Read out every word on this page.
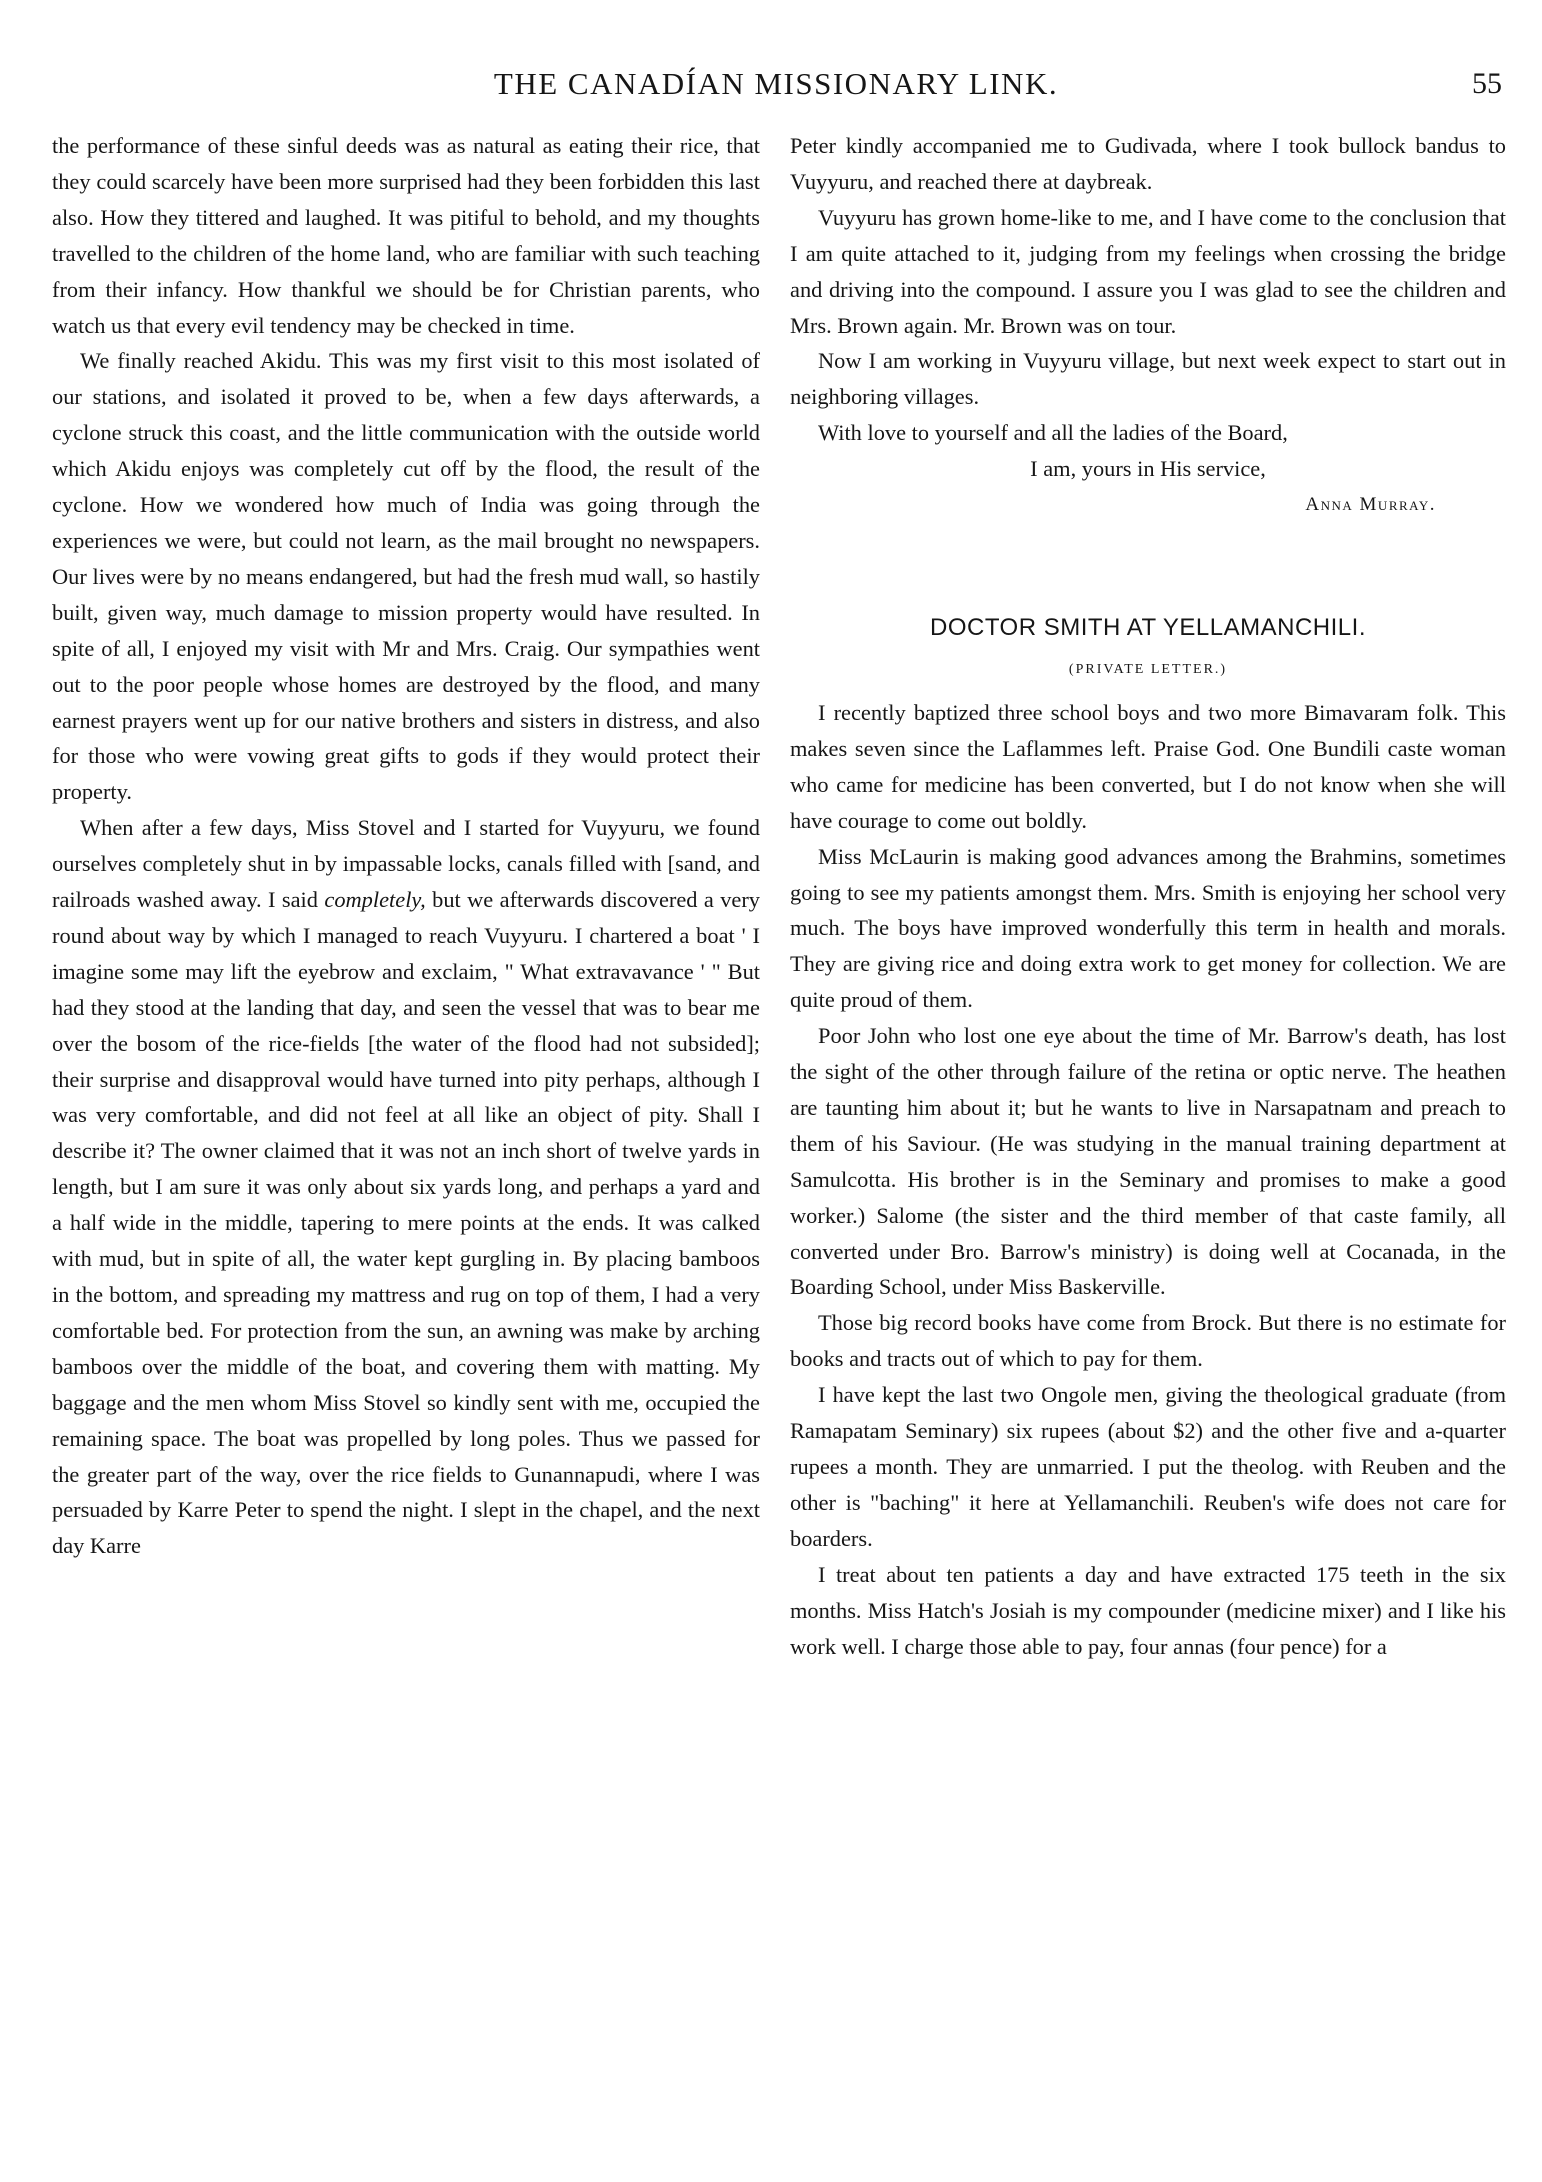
THE CANADÍAN MISSIONARY LINK.	55

the performance of these sinful deeds was as natural as eating their rice, that they could scarcely have been more surprised had they been forbidden this last also. How they tittered and laughed. It was pitiful to behold, and my thoughts travelled to the children of the home land, who are familiar with such teaching from their infancy. How thankful we should be for Christian parents, who watch us that every evil tendency may be checked in time.

We finally reached Akidu. This was my first visit to this most isolated of our stations, and isolated it proved to be, when a few days afterwards, a cyclone struck this coast, and the little communication with the outside world which Akidu enjoys was completely cut off by the flood, the result of the cyclone. How we wondered how much of India was going through the experiences we were, but could not learn, as the mail brought no newspapers. Our lives were by no means endangered, but had the fresh mud wall, so hastily built, given way, much damage to mission property would have resulted. In spite of all, I enjoyed my visit with Mr and Mrs. Craig. Our sympathies went out to the poor people whose homes are destroyed by the flood, and many earnest prayers went up for our native brothers and sisters in distress, and also for those who were vowing great gifts to gods if they would protect their property.

When after a few days, Miss Stovel and I started for Vuyyuru, we found ourselves completely shut in by impassable locks, canals filled with [sand, and railroads washed away. I said completely, but we afterwards discovered a very round about way by which I managed to reach Vuyyuru. I chartered a boat ' I imagine some may lift the eyebrow and exclaim, " What extravavance ' " But had they stood at the landing that day, and seen the vessel that was to bear me over the bosom of the rice-fields [the water of the flood had not subsided]; their surprise and disapproval would have turned into pity perhaps, although I was very comfortable, and did not feel at all like an object of pity. Shall I describe it? The owner claimed that it was not an inch short of twelve yards in length, but I am sure it was only about six yards long, and perhaps a yard and a half wide in the middle, tapering to mere points at the ends. It was calked with mud, but in spite of all, the water kept gurgling in. By placing bamboos in the bottom, and spreading my mattress and rug on top of them, I had a very comfortable bed. For protection from the sun, an awning was make by arching bamboos over the middle of the boat, and covering them with matting. My baggage and the men whom Miss Stovel so kindly sent with me, occupied the remaining space. The boat was propelled by long poles. Thus we passed for the greater part of the way, over the rice fields to Gunannapudi, where I was persuaded by Karre Peter to spend the night. I slept in the chapel, and the next day Karre

Peter kindly accompanied me to Gudivada, where I took bullock bandus to Vuyyuru, and reached there at daybreak.

Vuyyuru has grown home-like to me, and I have come to the conclusion that I am quite attached to it, judging from my feelings when crossing the bridge and driving into the compound. I assure you I was glad to see the children and Mrs. Brown again. Mr. Brown was on tour.

Now I am working in Vuyyuru village, but next week expect to start out in neighboring villages.

With love to yourself and all the ladies of the Board,

I am, yours in His service,

Anna Murray.

DOCTOR SMITH AT YELLAMANCHILI.
(PRIVATE LETTER.)

I recently baptized three school boys and two more Bimavaram folk. This makes seven since the Laflammes left. Praise God. One Bundili caste woman who came for medicine has been converted, but I do not know when she will have courage to come out boldly.

Miss McLaurin is making good advances among the Brahmins, sometimes going to see my patients amongst them. Mrs. Smith is enjoying her school very much. The boys have improved wonderfully this term in health and morals. They are giving rice and doing extra work to get money for collection. We are quite proud of them.

Poor John who lost one eye about the time of Mr. Barrow's death, has lost the sight of the other through failure of the retina or optic nerve. The heathen are taunting him about it; but he wants to live in Narsapatnam and preach to them of his Saviour. (He was studying in the manual training department at Samulcotta. His brother is in the Seminary and promises to make a good worker.) Salome (the sister and the third member of that caste family, all converted under Bro. Barrow's ministry) is doing well at Cocanada, in the Boarding School, under Miss Baskerville.

Those big record books have come from Brock. But there is no estimate for books and tracts out of which to pay for them.

I have kept the last two Ongole men, giving the theological graduate (from Ramapatam Seminary) six rupees (about $2) and the other five and a-quarter rupees a month. They are unmarried. I put the theolog. with Reuben and the other is "baching" it here at Yellamanchili. Reuben's wife does not care for boarders.

I treat about ten patients a day and have extracted 175 teeth in the six months. Miss Hatch's Josiah is my compounder (medicine mixer) and I like his work well. I charge those able to pay, four annas (four pence) for a
